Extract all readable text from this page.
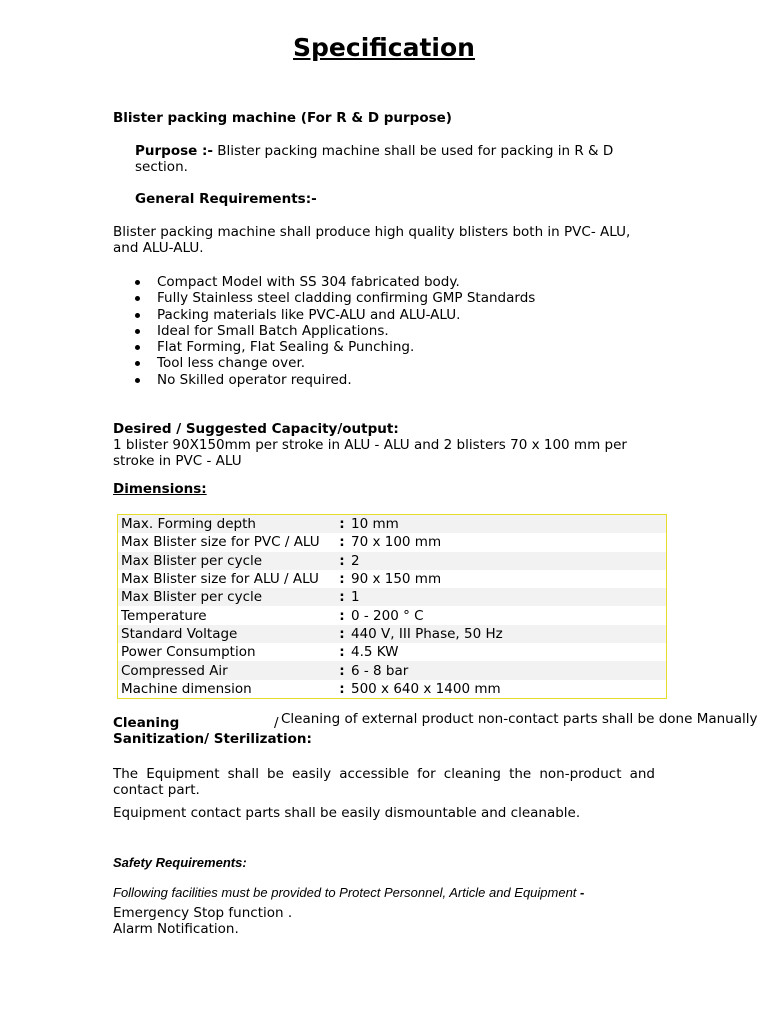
Specification
Blister packing machine (For R & D purpose)
Purpose :- Blister packing machine shall be used for packing in R & D
section.
General Requirements:-
Blister packing machine shall produce high quality blisters both in PVC- ALU,
and ALU-ALU.
Compact Model with SS 304 fabricated body.
Fully Stainless steel cladding confirming GMP Standards
Packing materials like PVC-ALU and ALU-ALU.
Ideal for Small Batch Applications.
Flat Forming, Flat Sealing & Punching.
Tool less change over.
No Skilled operator required.
Desired / Suggested Capacity/output:
1 blister 90X150mm per stroke in ALU - ALU and 2 blisters 70 x 100 mm per
stroke in PVC - ALU
Dimensions:
Max. Forming depth	:	10 mm
Max Blister size for PVC / ALU	:	70 x 100 mm
Max Blister per cycle	:	2
Max Blister size for ALU / ALU	:	90 x 150 mm
Max Blister per cycle	:	1
Temperature	:	0 - 200 ° C
Standard Voltage	:	440 V, III Phase, 50 Hz
Power Consumption	:	4.5 KW
Compressed Air	:	6 - 8 bar
Machine dimension	:	500 x 640 x 1400 mm
Cleaning	/ Cleaning of external product non-contact parts shall be done Manually
Sanitization/ Sterilization:
The Equipment shall be easily accessible for cleaning the non-product and
contact part.
Equipment contact parts shall be easily dismountable and cleanable.
Safety Requirements:
Following facilities must be provided to Protect Personnel, Article and Equipment -
Emergency Stop function .
Alarm Notification.
